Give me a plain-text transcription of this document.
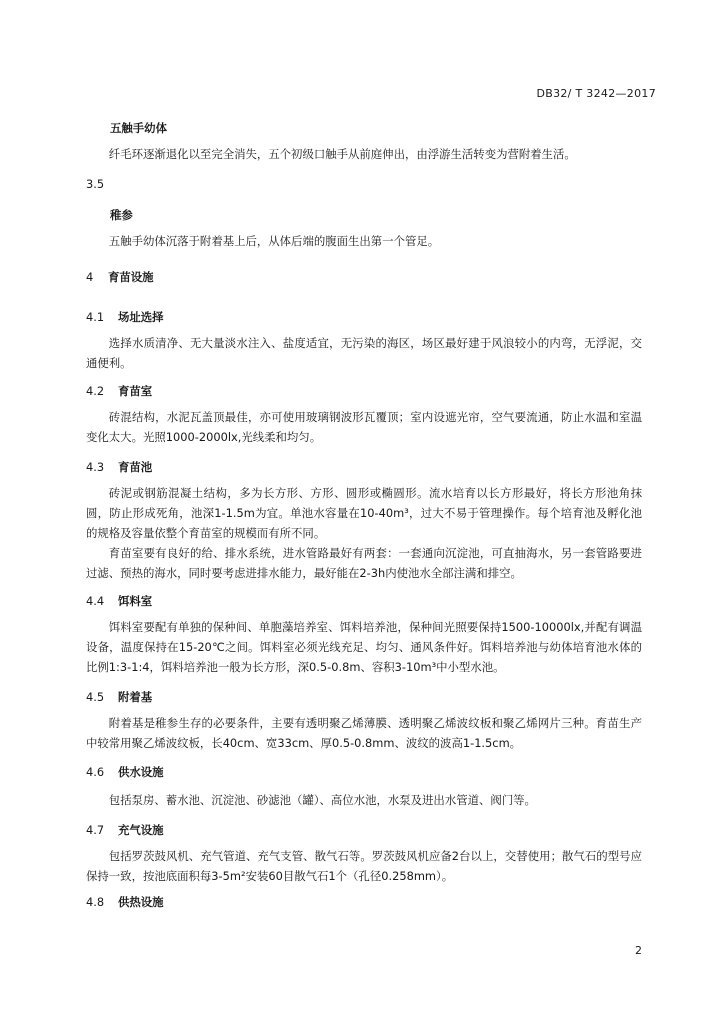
DB32/ T 3242—2017
五触手幼体
纤毛环逐渐退化以至完全消失，五个初级口触手从前庭伸出，由浮游生活转变为营附着生活。
3.5
稚参
五触手幼体沉落于附着基上后，从体后端的腹面生出第一个管足。
4 育苗设施
4.1 场址选择
选择水质清净、无大量淡水注入、盐度适宜，无污染的海区，场区最好建于风浪较小的内弯，无浮泥，交通便利。
4.2 育苗室
砖混结构，水泥瓦盖顶最佳，亦可使用玻璃钢波形瓦覆顶；室内设遮光帘，空气要流通，防止水温和室温变化太大。光照1000-2000lx,光线柔和均匀。
4.3 育苗池
砖泥或钢筋混凝土结构，多为长方形、方形、圆形或椭圆形。流水培育以长方形最好，将长方形池角抹圆，防止形成死角，池深1-1.5m为宜。单池水容量在10-40m³，过大不易于管理操作。每个培育池及孵化池的规格及容量依整个育苗室的规模而有所不同。
育苗室要有良好的给、排水系统，进水管路最好有两套：一套通向沉淀池，可直抽海水，另一套管路要进过滤、预热的海水，同时要考虑进排水能力，最好能在2-3h内使池水全部注满和排空。
4.4 饵料室
饵料室要配有单独的保种间、单胞藻培养室、饵料培养池，保种间光照要保持1500-10000lx,并配有调温设备，温度保持在15-20℃之间。饵料室必须光线充足、均匀、通风条件好。饵料培养池与幼体培育池水体的比例1:3-1:4，饵料培养池一般为长方形，深0.5-0.8m、容积3-10m³中小型水池。
4.5 附着基
附着基是稚参生存的必要条件，主要有透明聚乙烯薄膜、透明聚乙烯波纹板和聚乙烯网片三种。育苗生产中较常用聚乙烯波纹板，长40cm、宽33cm、厚0.5-0.8mm、波纹的波高1-1.5cm。
4.6 供水设施
包括泵房、蓄水池、沉淀池、砂滤池（罐）、高位水池，水泵及进出水管道、阀门等。
4.7 充气设施
包括罗茨鼓风机、充气管道、充气支管、散气石等。罗茨鼓风机应备2台以上，交替使用；散气石的型号应保持一致，按池底面积每3-5m²安装60目散气石1个（孔径0.258mm）。
4.8 供热设施
2
